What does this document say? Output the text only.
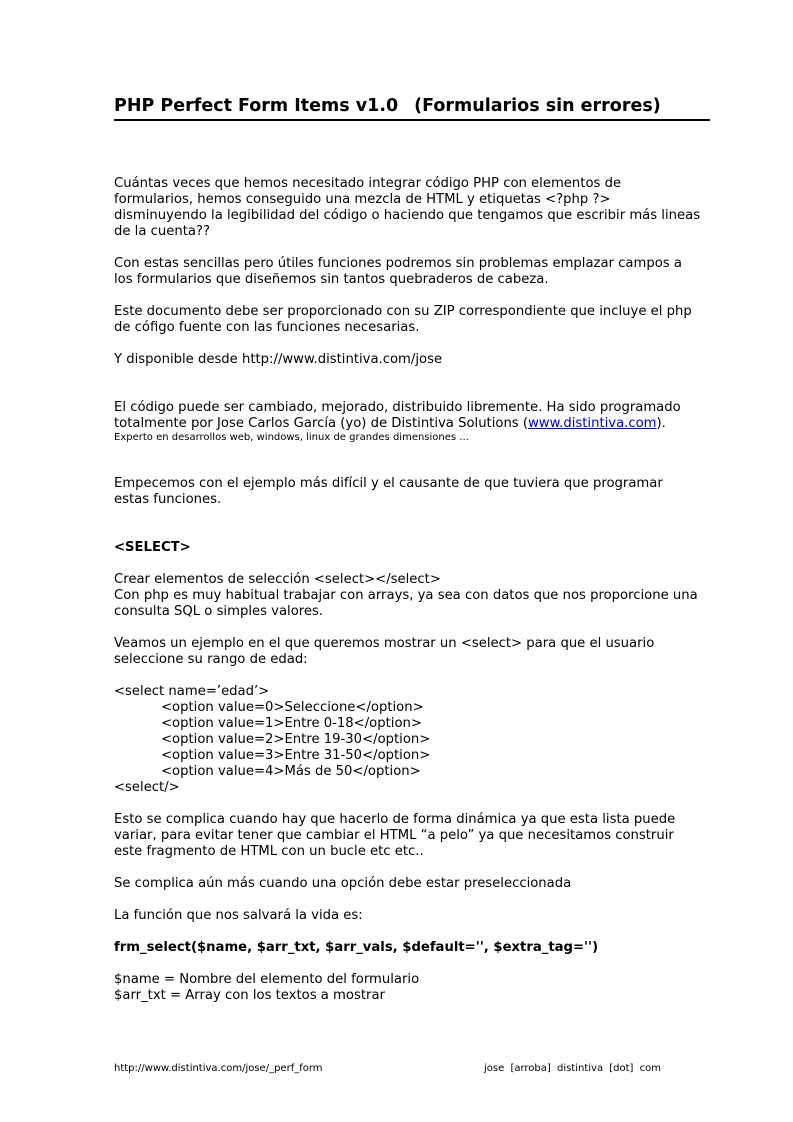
PHP Perfect Form Items v1.0 (Formularios sin errores)

Cuántas veces que hemos necesitado integrar código PHP con elementos de

formularios, hemos conseguido una mezcla de HTML y etiquetas <?php ?>

disminuyendo la legibilidad del código o haciendo que tengamos que escribir más lineas

de la cuenta??

Con estas sencillas pero útiles funciones podremos sin problemas emplazar campos a

los formularios que diseñemos sin tantos quebraderos de cabeza.

Este documento debe ser proporcionado con su ZIP correspondiente que incluye el php

de cófigo fuente con las funciones necesarias.

Y disponible desde http://www.distintiva.com/jose

El código puede ser cambiado, mejorado, distribuido libremente. Ha sido programado

totalmente por Jose Carlos García (yo) de Distintiva Solutions (www.distintiva.com).

Experto en desarrollos web, windows, linux de grandes dimensiones ...

Empecemos con el ejemplo más difícil y el causante de que tuviera que programar

estas funciones.

<SELECT>

Crear elementos de selección <select></select>

Con php es muy habitual trabajar con arrays, ya sea con datos que nos proporcione una

consulta SQL o simples valores.

Veamos un ejemplo en el que queremos mostrar un <select> para que el usuario

seleccione su rango de edad:

<select name=’edad’>

<option value=0>Seleccione</option>

<option value=1>Entre 0-18</option>

<option value=2>Entre 19-30</option>

<option value=3>Entre 31-50</option>

<option value=4>Más de 50</option>

<select/>

Esto se complica cuando hay que hacerlo de forma dinámica ya que esta lista puede

variar, para evitar tener que cambiar el HTML “a pelo” ya que necesitamos construir

este fragmento de HTML con un bucle etc etc..

Se complica aún más cuando una opción debe estar preseleccionada

La función que nos salvará la vida es:

frm_select($name, $arr_txt, $arr_vals, $default='', $extra_tag='')

$name = Nombre del elemento del formulario

$arr_txt = Array con los textos a mostrar

http://www.distintiva.com/jose/_perf_form	jose [arroba] distintiva [dot] com
